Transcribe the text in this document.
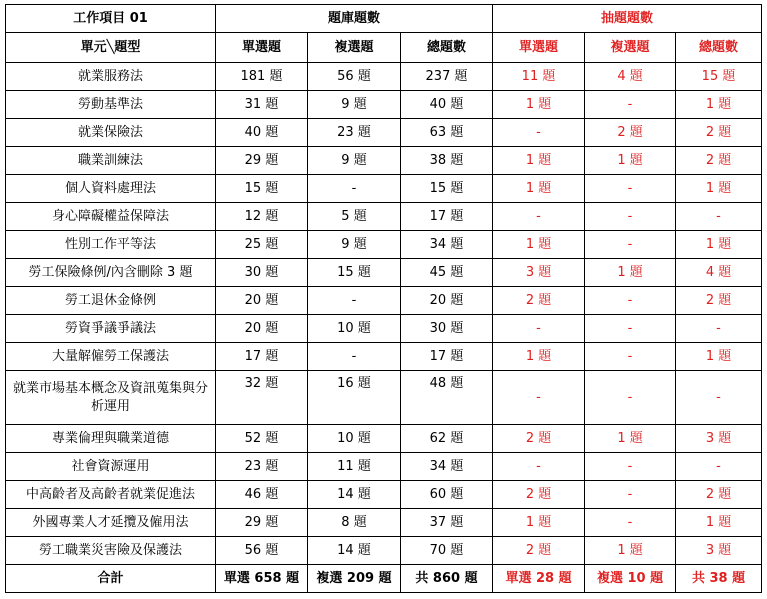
工作項目 01	題庫題數			抽題題數		
單元╲題型	單選題	複選題	總題數	單選題	複選題	總題數
就業服務法	181 題	56 題	237 題	11 題	4 題	15 題
勞動基準法	31 題	9 題	40 題	1 題	-	1 題
就業保險法	40 題	23 題	63 題	-	2 題	2 題
職業訓練法	29 題	9 題	38 題	1 題	1 題	2 題
個人資料處理法	15 題	-	15 題	1 題	-	1 題
身心障礙權益保障法	12 題	5 題	17 題	-	-	-
性別工作平等法	25 題	9 題	34 題	1 題	-	1 題
勞工保險條例/內含刪除 3 題	30 題	15 題	45 題	3 題	1 題	4 題
勞工退休金條例	20 題	-	20 題	2 題	-	2 題
勞資爭議爭議法	20 題	10 題	30 題	-	-	-
大量解僱勞工保護法	17 題	-	17 題	1 題	-	1 題
就業市場基本概念及資訊蒐集與分析運用	32 題	16 題	48 題	-	-	-
專業倫理與職業道德	52 題	10 題	62 題	2 題	1 題	3 題
社會資源運用	23 題	11 題	34 題	-	-	-
中高齡者及高齡者就業促進法	46 題	14 題	60 題	2 題	-	2 題
外國專業人才延攬及僱用法	29 題	8 題	37 題	1 題	-	1 題
勞工職業災害險及保護法	56 題	14 題	70 題	2 題	1 題	3 題
合計	單選 658 題	複選 209 題	共 860 題	單選 28 題	複選 10 題	共 38 題
